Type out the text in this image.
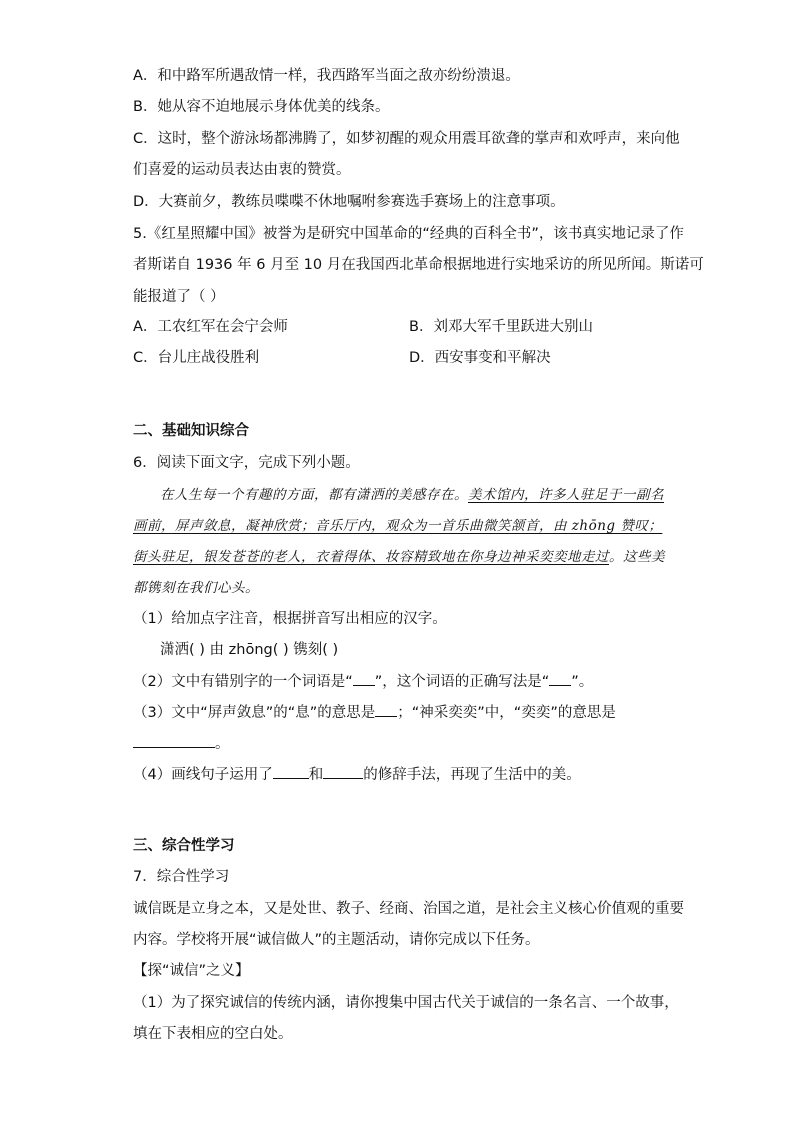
A．和中路军所遇敌情一样，我西路军当面之敌亦纷纷溃退。
B．她从容不迫地展示身体优美的线条。
C．这时，整个游泳场都沸腾了，如梦初醒的观众用震耳欲聋的掌声和欢呼声，来向他
们喜爱的运动员表达由衷的赞赏。
D．大赛前夕，教练员喋喋不休地嘱咐参赛选手赛场上的注意事项。
5.《红星照耀中国》被誉为是研究中国革命的“经典的百科全书”，该书真实地记录了作
者斯诺自 1936 年 6 月至 10 月在我国西北革命根据地进行实地采访的所见所闻。斯诺可
能报道了（ ）
A．工农红军在会宁会师	B．刘邓大军千里跃进大别山
C．台儿庄战役胜利	D．西安事变和平解决
二、基础知识综合
6．阅读下面文字，完成下列小题。
在人生每一个有趣的方面，都有潇洒的美感存在。美术馆内，许多人驻足于一副名
画前，屏声敛息，凝神欣赏；音乐厅内，观众为一首乐曲微笑颔首，由 zhōng 赞叹；
街头驻足，银发苍苍的老人，衣着得体、妆容精致地在你身边神采奕奕地走过。这些美
都镌刻在我们心头。
（1）给加点字注音，根据拼音写出相应的汉字。
潇洒( ) 由 zhōng( ) 镌刻( )
（2）文中有错别字的一个词语是“ ”，这个词语的正确写法是“ ”。
（3）文中“屏声敛息”的“息”的意思是 ；“神采奕奕”中，“奕奕”的意思是
。
（4）画线句子运用了 和	的修辞手法，再现了生活中的美。
三、综合性学习
7．综合性学习
诚信既是立身之本，又是处世、教子、经商、治国之道，是社会主义核心价值观的重要
内容。学校将开展“诚信做人”的主题活动，请你完成以下任务。
【探“诚信”之义】
（1）为了探究诚信的传统内涵，请你搜集中国古代关于诚信的一条名言、一个故事，
填在下表相应的空白处。
